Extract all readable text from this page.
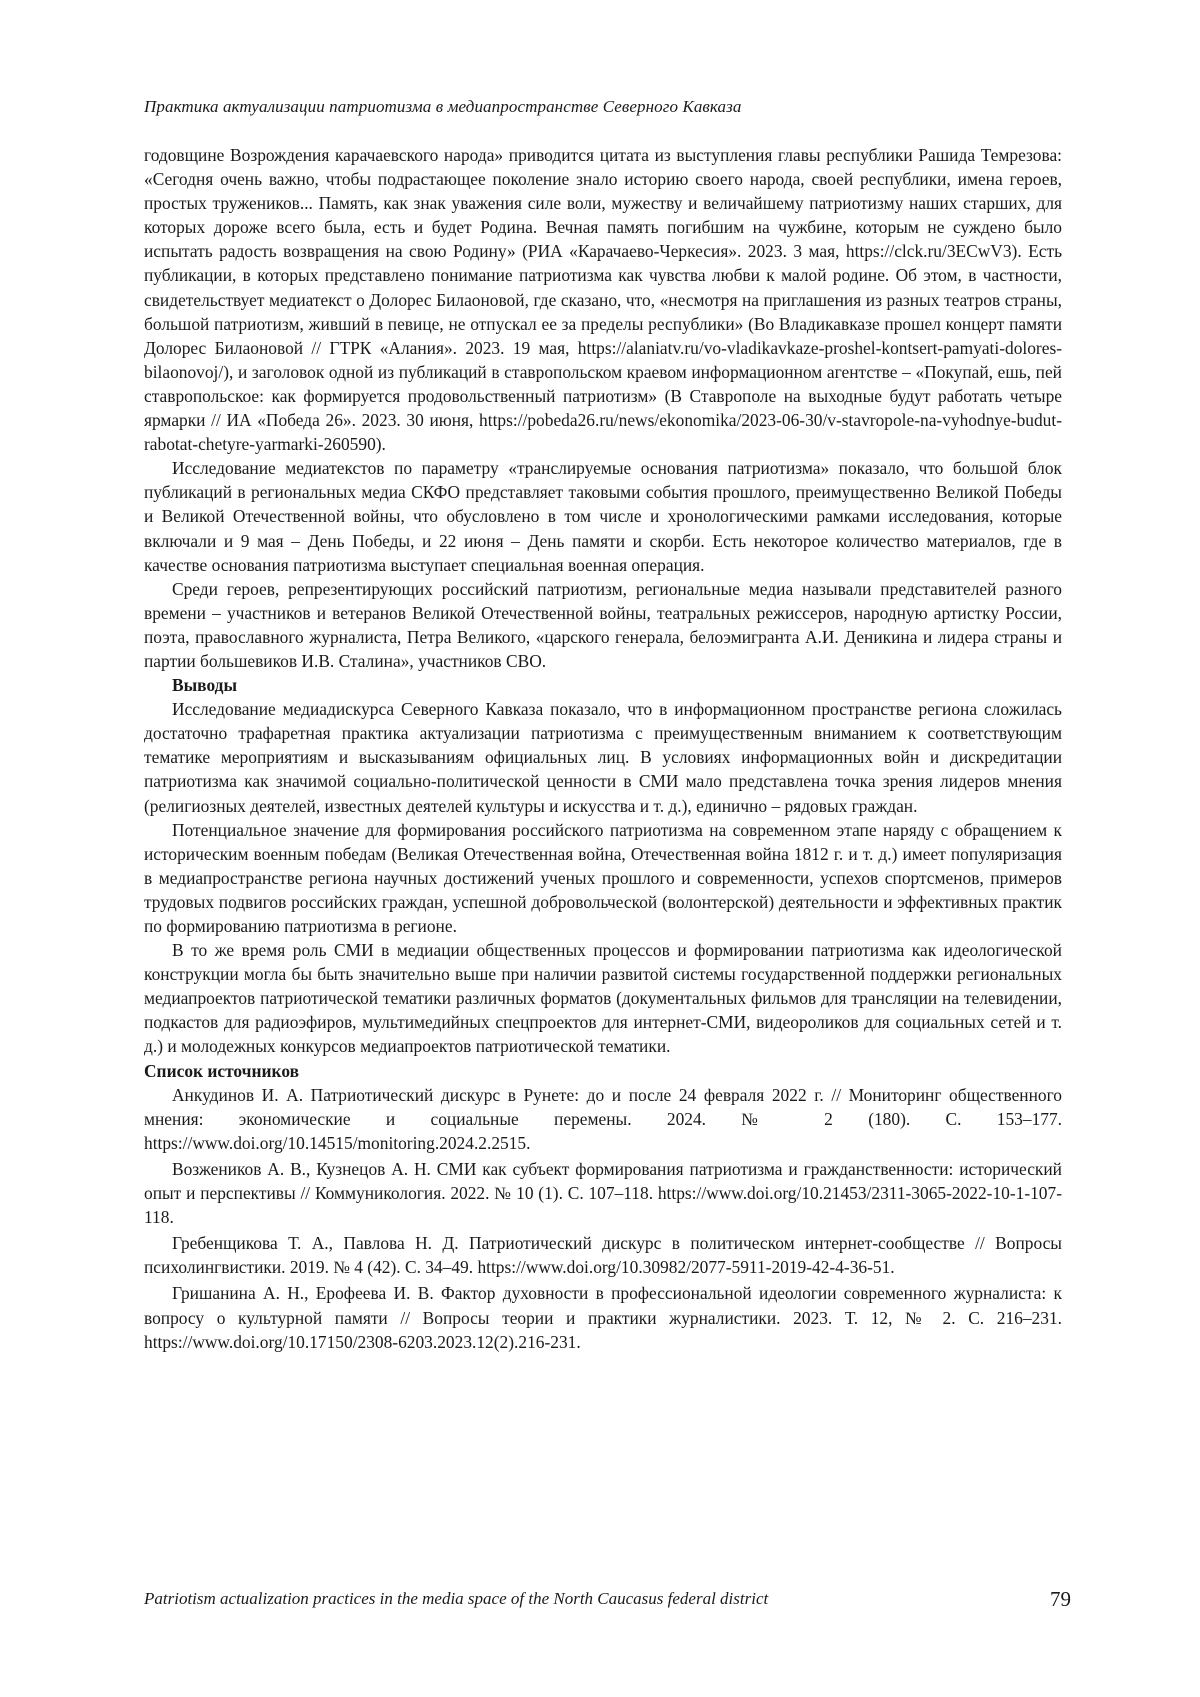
Практика актуализации патриотизма в медиапространстве Северного Кавказа

годовщине Возрождения карачаевского народа» приводится цитата из выступления главы республики Рашида Темрезова: «Сегодня очень важно, чтобы подрастающее поколение знало историю своего народа, своей республики, имена героев, простых тружеников... Память, как знак уважения силе воли, мужеству и величайшему патриотизму наших старших, для которых дороже всего была, есть и будет Родина. Вечная память погибшим на чужбине, которым не суждено было испытать радость возвращения на свою Родину» (РИА «Карачаево-Черкесия». 2023. 3 мая, https://clck.ru/3ECwV3). Есть публикации, в которых представлено понимание патриотизма как чувства любви к малой родине. Об этом, в частности, свидетельствует медиатекст о Долорес Билаоновой, где сказано, что, «несмотря на приглашения из разных театров страны, большой патриотизм, живший в певице, не отпускал ее за пределы республики» (Во Владикавказе прошел концерт памяти Долорес Билаоновой // ГТРК «Алания». 2023. 19 мая, https://alaniatv.ru/vo-vladikavkaze-proshel-kontsert-pamyati-dolores-bilaonovoj/), и заголовок одной из публикаций в ставропольском краевом информационном агентстве – «Покупай, ешь, пей ставропольское: как формируется продовольственный патриотизм» (В Ставрополе на выходные будут работать четыре ярмарки // ИА «Победа 26». 2023. 30 июня, https://pobeda26.ru/news/ekonomika/2023-06-30/v-stavropole-na-vyhodnye-budut-rabotat-chetyre-yarmarki-260590).

Исследование медиатекстов по параметру «транслируемые основания патриотизма» показало, что большой блок публикаций в региональных медиа СКФО представляет таковыми события прошлого, преимущественно Великой Победы и Великой Отечественной войны, что обусловлено в том числе и хронологическими рамками исследования, которые включали и 9 мая – День Победы, и 22 июня – День памяти и скорби. Есть некоторое количество материалов, где в качестве основания патриотизма выступает специальная военная операция.

Среди героев, репрезентирующих российский патриотизм, региональные медиа называли представителей разного времени – участников и ветеранов Великой Отечественной войны, театральных режиссеров, народную артистку России, поэта, православного журналиста, Петра Великого, «царского генерала, белоэмигранта А.И. Деникина и лидера страны и партии большевиков И.В. Сталина», участников СВО.

Выводы

Исследование медиадискурса Северного Кавказа показало, что в информационном пространстве региона сложилась достаточно трафаретная практика актуализации патриотизма с преимущественным вниманием к соответствующим тематике мероприятиям и высказываниям официальных лиц. В условиях информационных войн и дискредитации патриотизма как значимой социально-политической ценности в СМИ мало представлена точка зрения лидеров мнения (религиозных деятелей, известных деятелей культуры и искусства и т. д.), единично – рядовых граждан.

Потенциальное значение для формирования российского патриотизма на современном этапе наряду с обращением к историческим военным победам (Великая Отечественная война, Отечественная война 1812 г. и т. д.) имеет популяризация в медиапространстве региона научных достижений ученых прошлого и современности, успехов спортсменов, примеров трудовых подвигов российских граждан, успешной добровольческой (волонтерской) деятельности и эффективных практик по формированию патриотизма в регионе.

В то же время роль СМИ в медиации общественных процессов и формировании патриотизма как идеологической конструкции могла бы быть значительно выше при наличии развитой системы государственной поддержки региональных медиапроектов патриотической тематики различных форматов (документальных фильмов для трансляции на телевидении, подкастов для радиоэфиров, мультимедийных спецпроектов для интернет-СМИ, видеороликов для социальных сетей и т. д.) и молодежных конкурсов медиапроектов патриотической тематики.

Список источников

Анкудинов И. А. Патриотический дискурс в Рунете: до и после 24 февраля 2022 г. // Мониторинг общественного мнения: экономические и социальные перемены. 2024. № 2 (180). С. 153–177. https://www.doi.org/10.14515/monitoring.2024.2.2515.

Возжеников А. В., Кузнецов А. Н. СМИ как субъект формирования патриотизма и гражданственности: исторический опыт и перспективы // Коммуникология. 2022. № 10 (1). С. 107–118. https://www.doi.org/10.21453/2311-3065-2022-10-1-107-118.

Гребенщикова Т. А., Павлова Н. Д. Патриотический дискурс в политическом интернет-сообществе // Вопросы психолингвистики. 2019. № 4 (42). С. 34–49. https://www.doi.org/10.30982/2077-5911-2019-42-4-36-51.

Гришанина А. Н., Ерофеева И. В. Фактор духовности в профессиональной идеологии современного журналиста: к вопросу о культурной памяти // Вопросы теории и практики журналистики. 2023. Т. 12, № 2. С. 216–231. https://www.doi.org/10.17150/2308-6203.2023.12(2).216-231.

Patriotism actualization practices in the media space of the North Caucasus federal district	79
